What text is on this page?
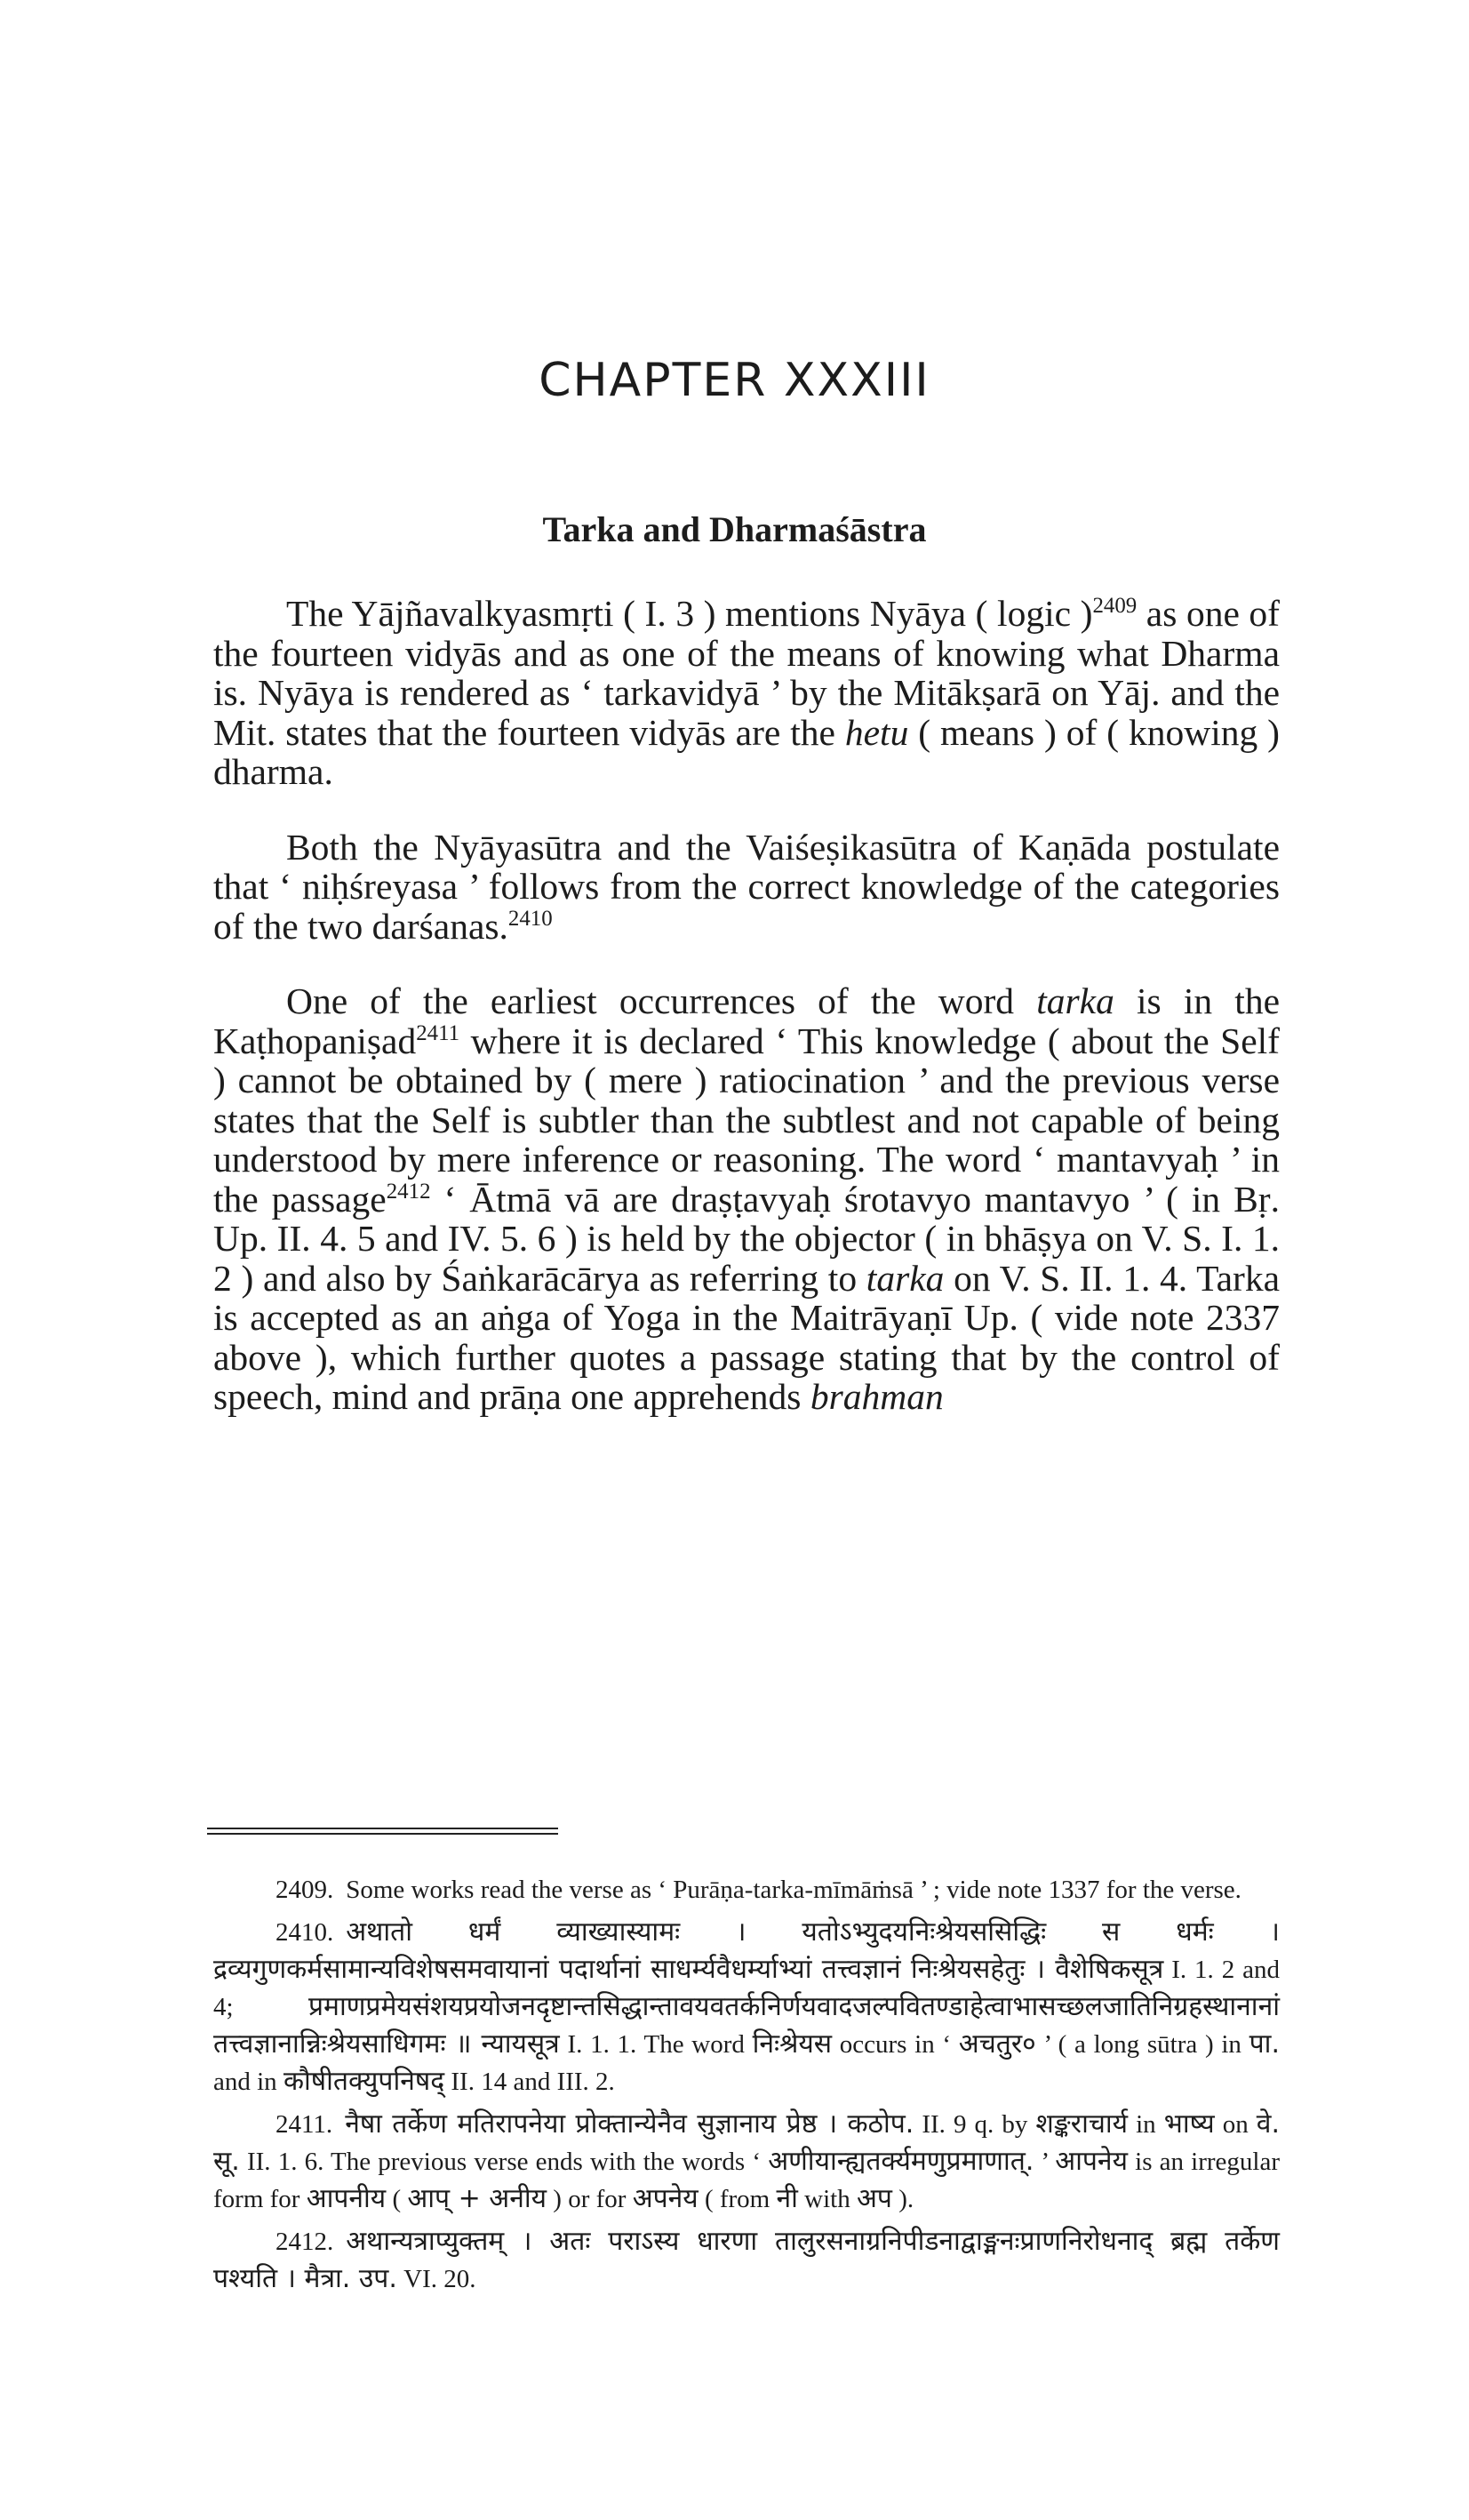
CHAPTER XXXIII
Tarka and Dharmaśāstra

The Yājñavalkyasmṛti ( I. 3 ) mentions Nyāya ( logic )$^{2409}$ as one of the fourteen vidyās and as one of the means of knowing what Dharma is. Nyāya is rendered as ‘ tarkavidyā ’ by the Mitākṣarā on Yāj. and the Mit. states that the fourteen vidyās are the hetu ( means ) of ( knowing ) dharma.

Both the Nyāyasūtra and the Vaiśeṣikasūtra of Kaṇāda postulate that ‘ niḥśreyasa ’ follows from the correct knowledge of the categories of the two darśanas.$^{2410}$

One of the earliest occurrences of the word tarka is in the Kaṭhopaniṣad$^{2411}$ where it is declared ‘ This knowledge ( about the Self ) cannot be obtained by ( mere ) ratiocination ’ and the previous verse states that the Self is subtler than the subtlest and not capable of being understood by mere inference or reasoning. The word ‘ mantavyaḥ ’ in the passage$^{2412}$ ‘ Ātmā vā are draṣṭavyaḥ śrotavyo mantavyo ’ ( in Bṛ. Up. II. 4. 5 and IV. 5. 6 ) is held by the objector ( in bhāṣya on V. S. I. 1. 2 ) and also by Śaṅkarācārya as referring to tarka on V. S. II. 1. 4. Tarka is accepted as an aṅga of Yoga in the Maitrāyaṇī Up. ( vide note 2337 above ), which further quotes a passage stating that by the control of speech, mind and prāṇa one apprehends brahman

2409. Some works read the verse as ‘ Purāṇa-tarka-mīmāṁsā ’ ; vide note 1337 for the verse.

2410. अथातो धर्मं व्याख्यास्यामः । यतोऽभ्युदयनिःश्रेयससिद्धिः स धर्मः । द्रव्यगुणकर्मसामान्यविशेषसमवायानां पदार्थानां साधर्म्यवैधर्म्याभ्यां तत्त्वज्ञानं निःश्रेयसहेतुः । वैशेषिकसूत्र I. 1. 2 and 4; प्रमाणप्रमेयसंशयप्रयोजनदृष्टान्तसिद्धान्तावयवतर्कनिर्णयवादजल्पवितण्डाहेत्वाभासच्छलजातिनिग्रहस्थानानां तत्त्वज्ञानान्निःश्रेयसाधिगमः ॥ न्यायसूत्र I. 1. 1. The word निःश्रेयस occurs in ‘ अचतुर० ’ ( a long sūtra ) in पा. and in कौषीतक्युपनिषद् II. 14 and III. 2.

2411. नैषा तर्केण मतिरापनेया प्रोक्तान्येनैव सुज्ञानाय प्रेष्ठ । कठोप. II. 9 q. by शङ्कराचार्य in भाष्य on वे. सू. II. 1. 6. The previous verse ends with the words ‘ अणीयान्ह्यतर्क्यमणुप्रमाणात्. ’ आपनेय is an irregular form for आपनीय ( आप् + अनीय ) or for अपनेय ( from नी with अप ).

2412. अथान्यत्राप्युक्तम् । अतः पराऽस्य धारणा तालुरसनाग्रनिपीडनाद्वाङ्मनःप्राणनिरोधनाद् ब्रह्म तर्केण पश्यति । मैत्रा. उप. VI. 20.
